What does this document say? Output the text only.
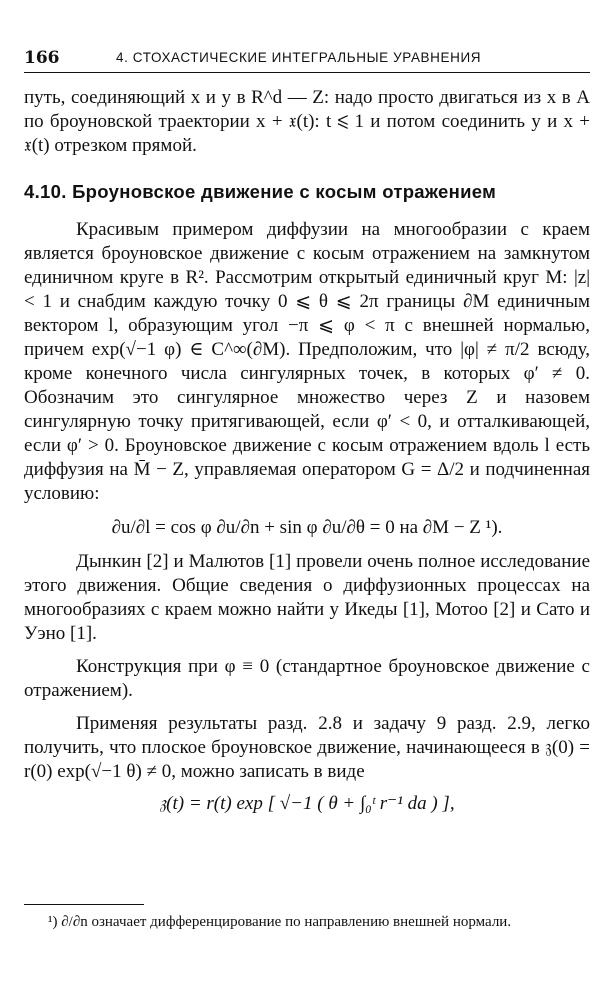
166	4. СТОХАСТИЧЕСКИЕ ИНТЕГРАЛЬНЫЕ УРАВНЕНИЯ

путь, соединяющий x и y в R^d — Z: надо просто двигаться из x в A по броуновской траектории x + 𝔵(t): t ⩽ 1 и потом соединить y и x + 𝔵(t) отрезком прямой.

4.10. Броуновское движение с косым отражением

Красивым примером диффузии на многообразии с краем является броуновское движение с косым отражением на замкнутом единичном круге в R². Рассмотрим открытый единичный круг M: |z| < 1 и снабдим каждую точку 0 ⩽ θ ⩽ 2π границы ∂M единичным вектором l, образующим угол −π ⩽ φ < π с внешней нормалью, причем exp(√−1 φ) ∈ C^∞(∂M). Предположим, что |φ| ≠ π/2 всюду, кроме конечного числа сингулярных точек, в которых φ′ ≠ 0. Обозначим это сингулярное множество через Z и назовем сингулярную точку притягивающей, если φ′ < 0, и отталкивающей, если φ′ > 0. Броуновское движение с косым отражением вдоль l есть диффузия на M̄ − Z, управляемая оператором G = Δ/2 и подчиненная условию:

∂u/∂l = cos φ ∂u/∂n + sin φ ∂u/∂θ = 0 на ∂M − Z ¹).

Дынкин [2] и Малютов [1] провели очень полное исследование этого движения. Общие сведения о диффузионных процессах на многообразиях с краем можно найти у Икеды [1], Мотоо [2] и Сато и Уэно [1].

Конструкция при φ ≡ 0 (стандартное броуновское движение с отражением).

Применяя результаты разд. 2.8 и задачу 9 разд. 2.9, легко получить, что плоское броуновское движение, начинающееся в 𝔷(0) = r(0) exp(√−1 θ) ≠ 0, можно записать в виде

𝔷(t) = r(t) exp [ √−1 ( θ + ∫₀ᵗ r⁻¹ da ) ],
¹) ∂/∂n означает дифференцирование по направлению внешней нормали.
